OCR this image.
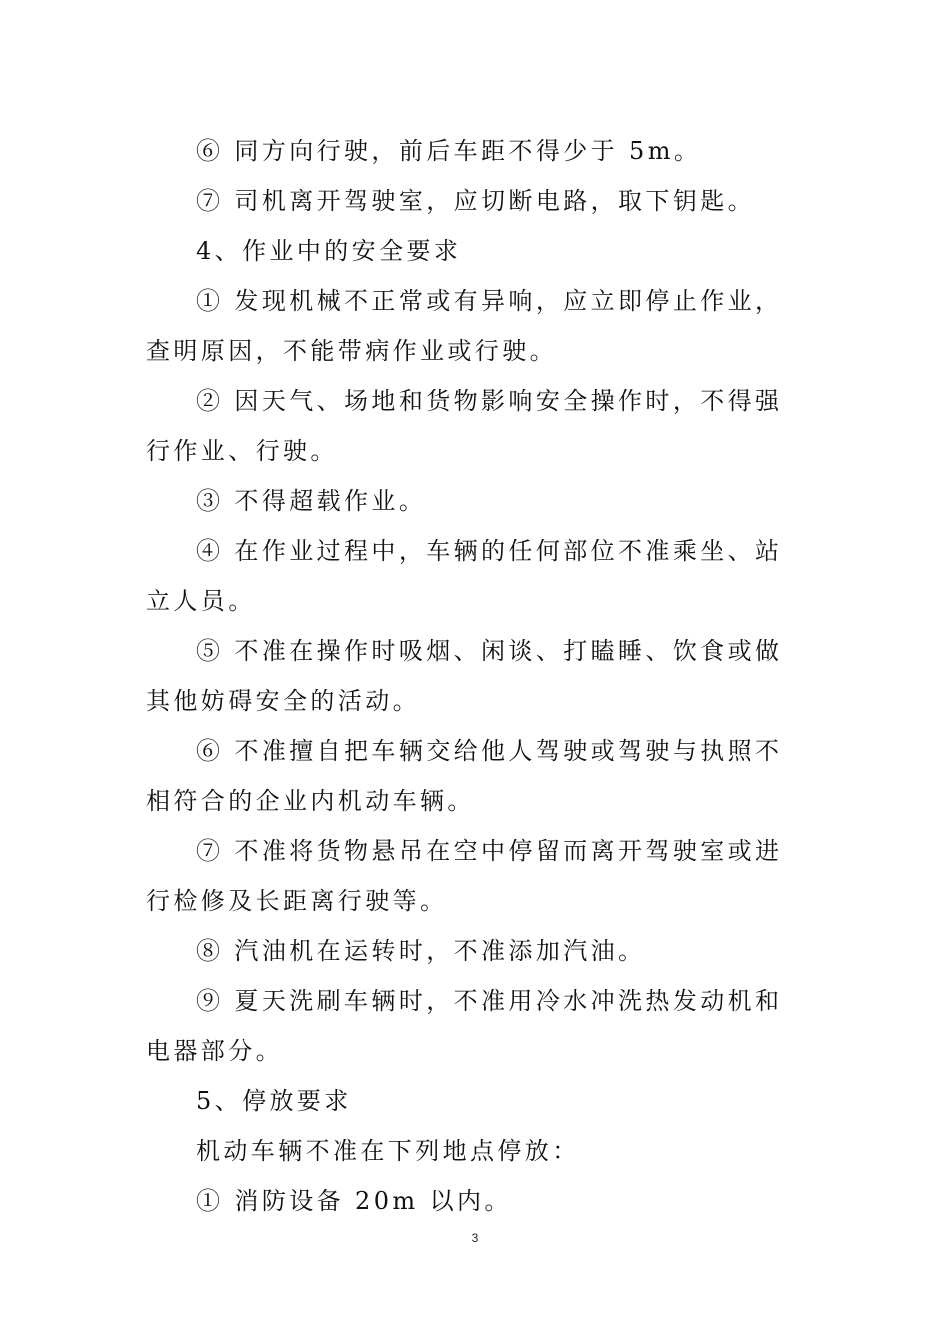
⑥ 同方向行驶，前后车距不得少于 5m。

⑦ 司机离开驾驶室，应切断电路，取下钥匙。

4、作业中的安全要求

① 发现机械不正常或有异响，应立即停止作业，查明原因，不能带病作业或行驶。

② 因天气、场地和货物影响安全操作时，不得强行作业、行驶。

③ 不得超载作业。

④ 在作业过程中，车辆的任何部位不准乘坐、站立人员。

⑤ 不准在操作时吸烟、闲谈、打瞌睡、饮食或做其他妨碍安全的活动。

⑥ 不准擅自把车辆交给他人驾驶或驾驶与执照不相符合的企业内机动车辆。

⑦ 不准将货物悬吊在空中停留而离开驾驶室或进行检修及长距离行驶等。

⑧ 汽油机在运转时，不准添加汽油。

⑨ 夏天洗刷车辆时，不准用冷水冲洗热发动机和电器部分。

5、停放要求

机动车辆不准在下列地点停放：

① 消防设备 20m 以内。

3
